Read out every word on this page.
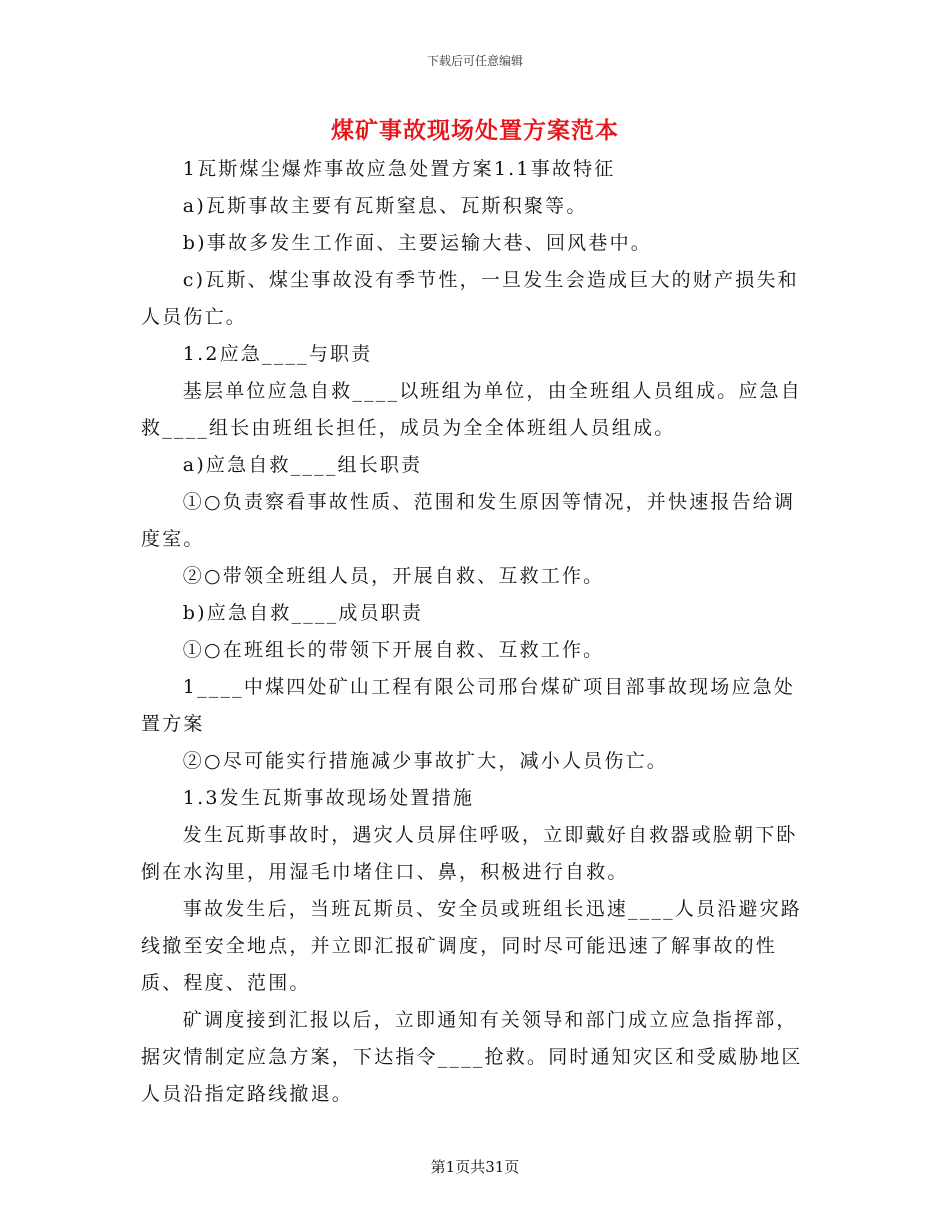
下载后可任意编辑
煤矿事故现场处置方案范本

1瓦斯煤尘爆炸事故应急处置方案1.1事故特征

a)瓦斯事故主要有瓦斯窒息、瓦斯积聚等。

b)事故多发生工作面、主要运输大巷、回风巷中。

c)瓦斯、煤尘事故没有季节性，一旦发生会造成巨大的财产损失和人员伤亡。

1.2应急____与职责

基层单位应急自救____以班组为单位，由全班组人员组成。应急自救____组长由班组长担任，成员为全全体班组人员组成。

a)应急自救____组长职责

①○负责察看事故性质、范围和发生原因等情况，并快速报告给调度室。

②○带领全班组人员，开展自救、互救工作。

b)应急自救____成员职责

①○在班组长的带领下开展自救、互救工作。

1____中煤四处矿山工程有限公司邢台煤矿项目部事故现场应急处置方案

②○尽可能实行措施减少事故扩大，减小人员伤亡。

1.3发生瓦斯事故现场处置措施

发生瓦斯事故时，遇灾人员屏住呼吸，立即戴好自救器或脸朝下卧倒在水沟里，用湿毛巾堵住口、鼻，积极进行自救。

事故发生后，当班瓦斯员、安全员或班组长迅速____人员沿避灾路线撤至安全地点，并立即汇报矿调度，同时尽可能迅速了解事故的性质、程度、范围。

矿调度接到汇报以后，立即通知有关领导和部门成立应急指挥部，据灾情制定应急方案，下达指令____抢救。同时通知灾区和受威胁地区人员沿指定路线撤退。

第1页共31页
